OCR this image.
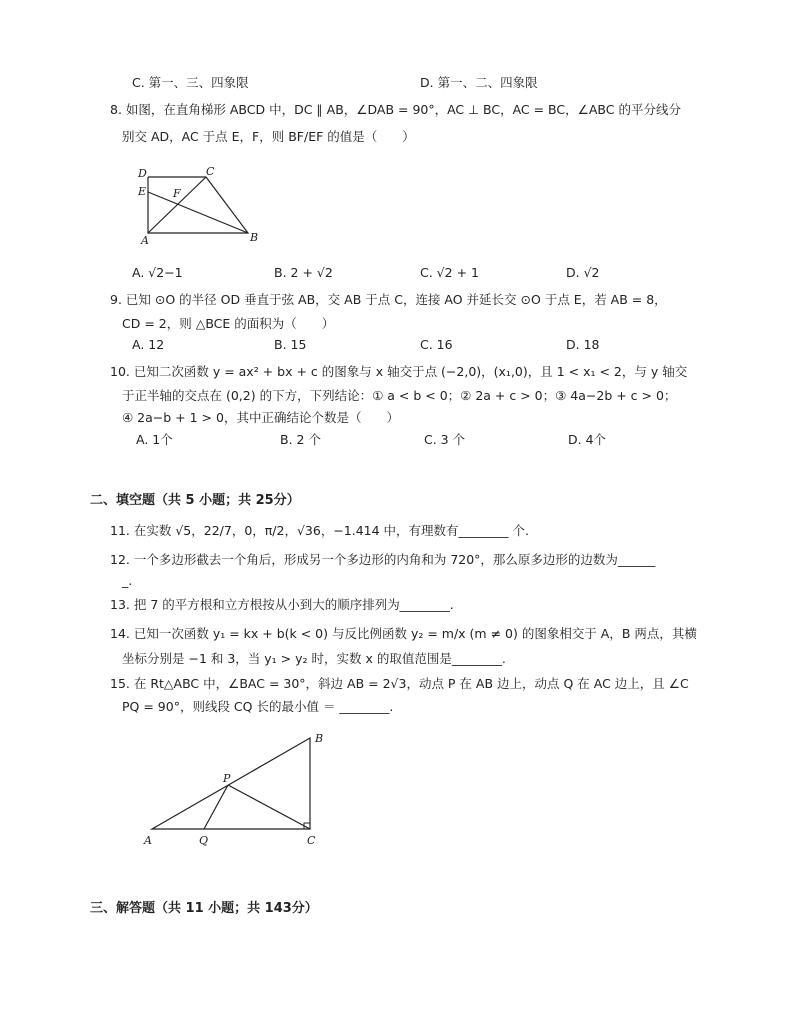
C. 第一、三、四象限	D. 第一、二、四象限
8. 如图，在直角梯形 ABCD 中，DC ∥ AB，∠DAB = 90°，AC ⊥ BC，AC = BC，∠ABC 的平分线分
别交 AD，AC 于点 E，F，则 BF/EF 的值是（　　）
D	C
E F
A	B
A. √2−1	B. 2 + √2	C. √2 + 1	D. √2
9. 已知 ⊙O 的半径 OD 垂直于弦 AB，交 AB 于点 C，连接 AO 并延长交 ⊙O 于点 E，若 AB = 8，
CD = 2，则 △BCE 的面积为（　　）
A. 12	B. 15	C. 16	D. 18
10. 已知二次函数 y = ax² + bx + c 的图象与 x 轴交于点 (−2,0)，(x₁,0)，且 1 < x₁ < 2，与 y 轴交
于正半轴的交点在 (0,2) 的下方，下列结论：① a < b < 0；② 2a + c > 0；③ 4a−2b + c > 0；
④ 2a−b + 1 > 0，其中正确结论个数是（　　）
A. 1个	B. 2 个	C. 3 个	D. 4个
二、填空题（共 5 小题；共 25分）
11. 在实数 √5，22/7，0，π/2，√36，−1.414 中，有理数有________ 个.
12. 一个多边形截去一个角后，形成另一个多边形的内角和为 720°，那么原多边形的边数为______
_.
13. 把 7 的平方根和立方根按从小到大的顺序排列为________.
14. 已知一次函数 y₁ = kx + b(k < 0) 与反比例函数 y₂ = m/x (m ≠ 0) 的图象相交于 A，B 两点，其横
坐标分别是 −1 和 3，当 y₁ > y₂ 时，实数 x 的取值范围是________.
15. 在 Rt△ABC 中，∠BAC = 30°，斜边 AB = 2√3，动点 P 在 AB 边上，动点 Q 在 AC 边上，且 ∠C
PQ = 90°，则线段 CQ 长的最小值 ＝ ________.
A	Q	C
P
B
三、解答题（共 11 小题；共 143分）
